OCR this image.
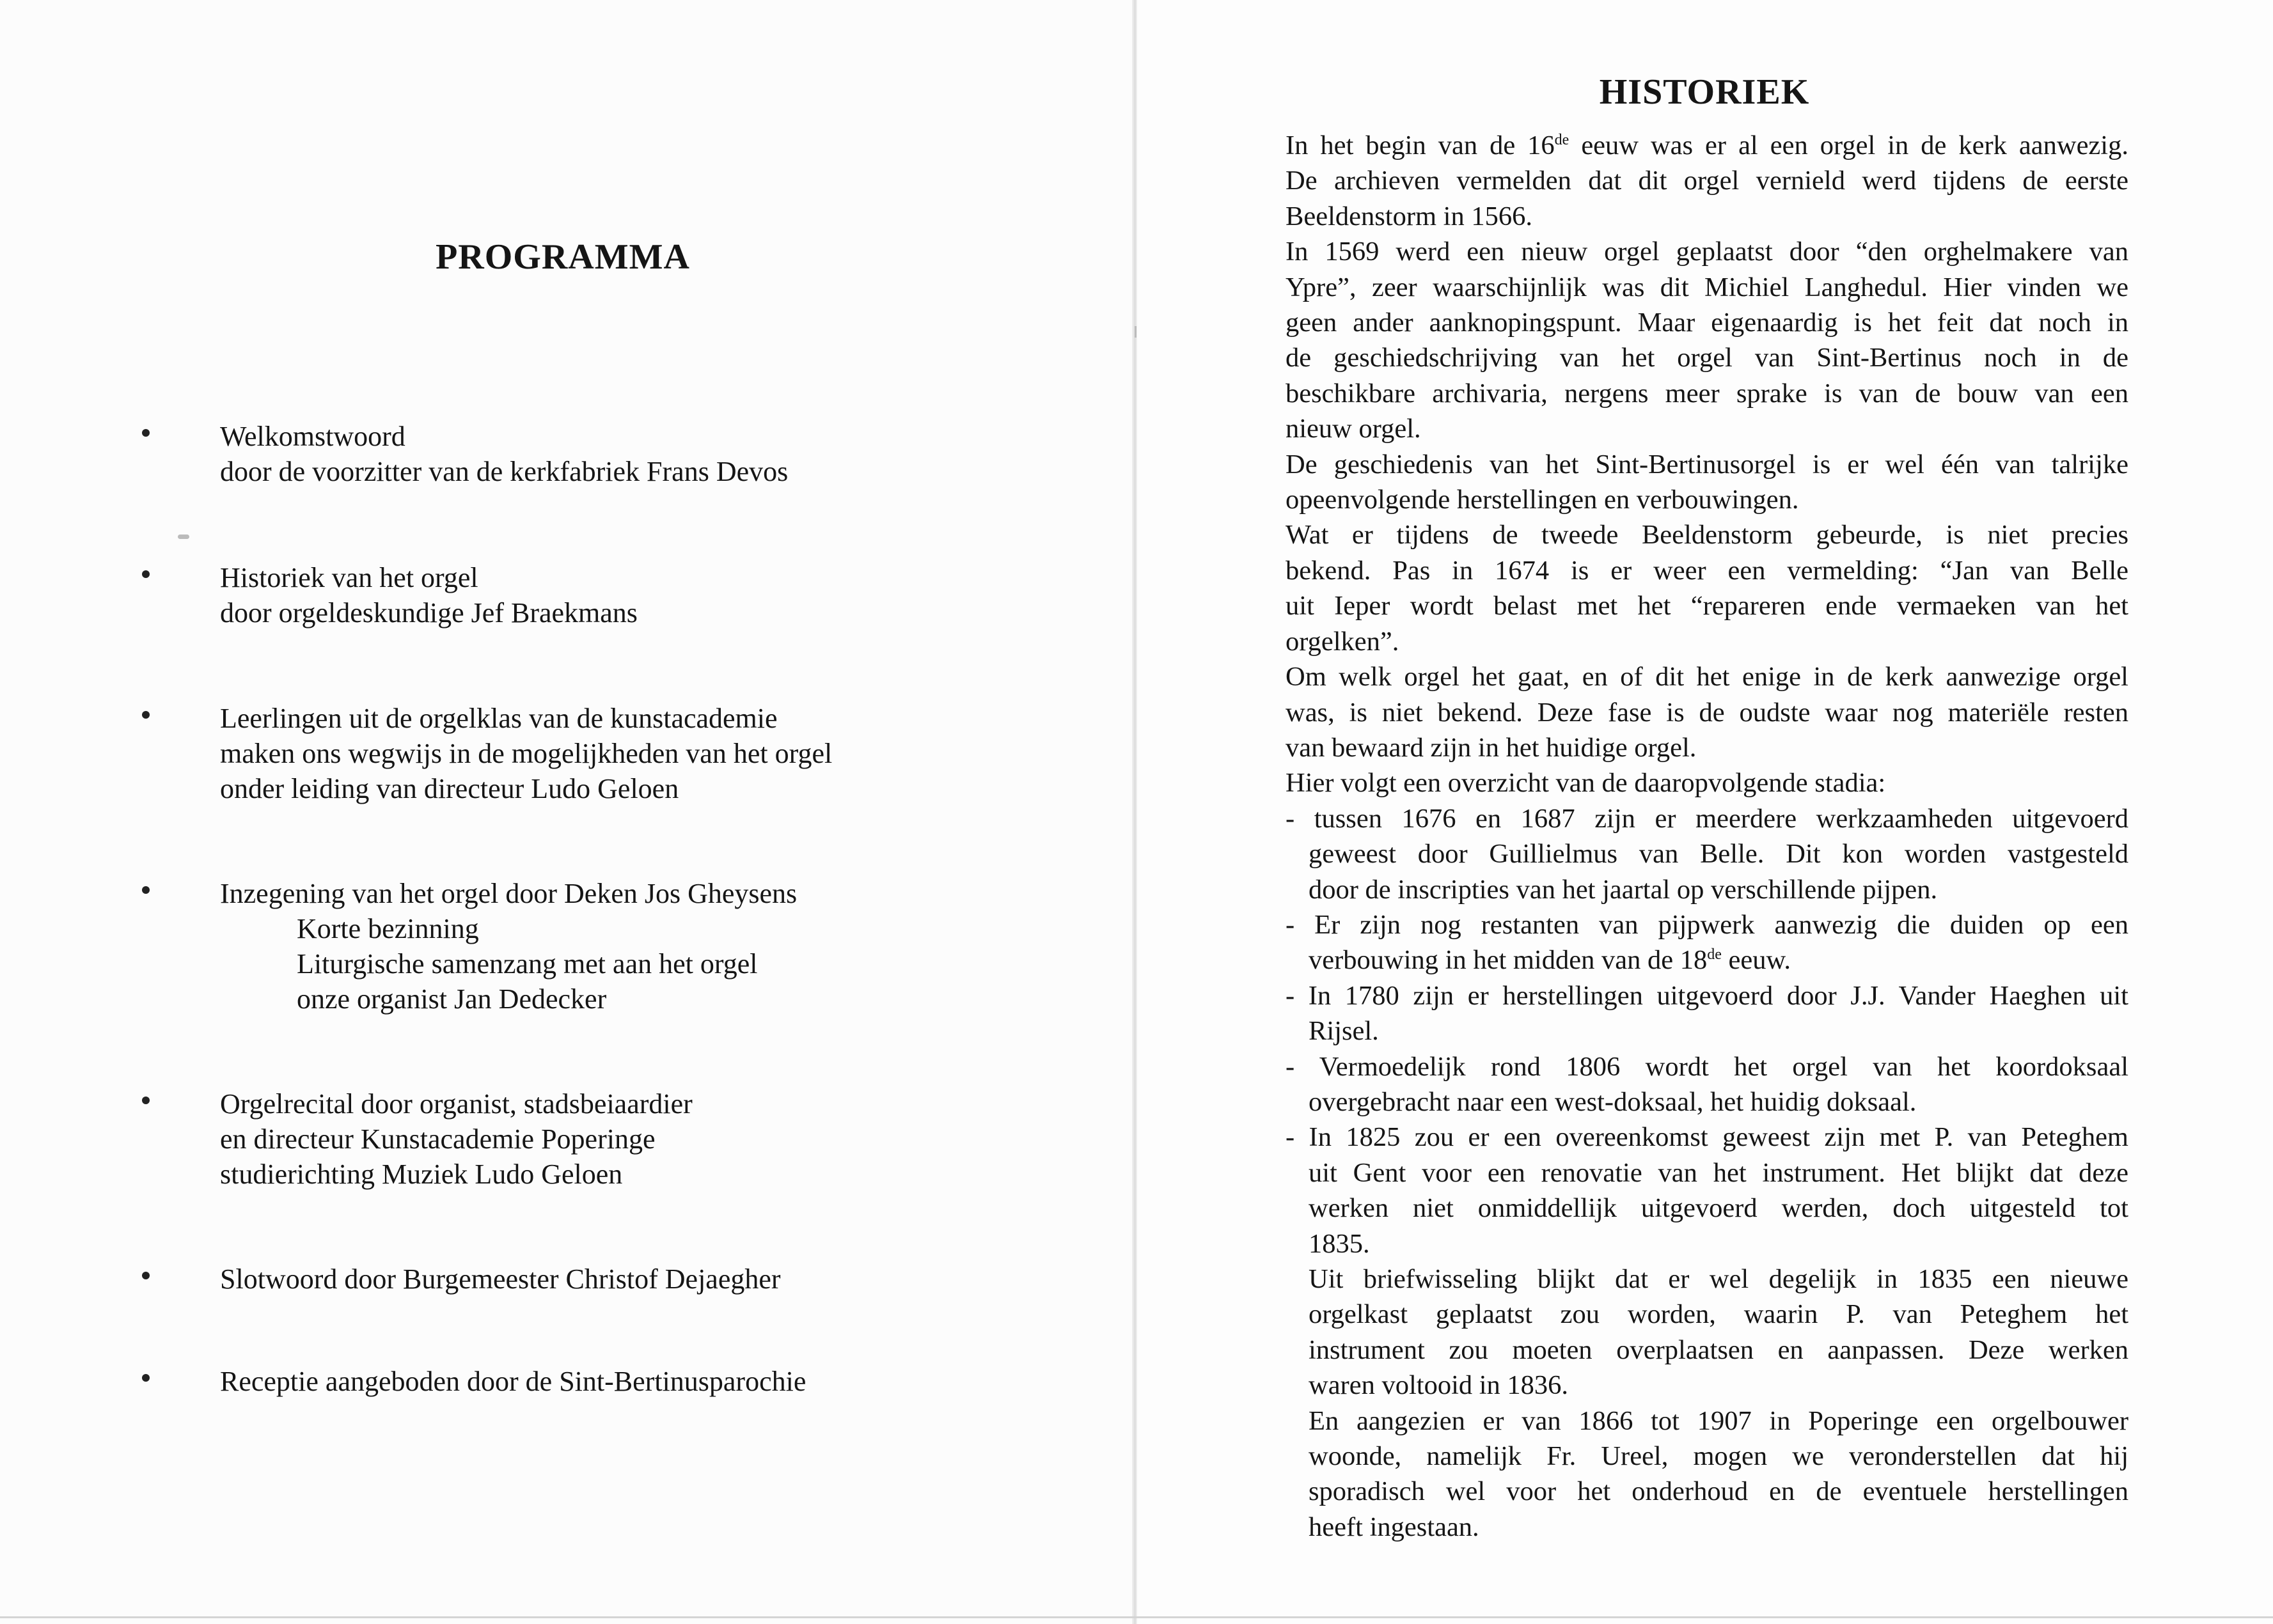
PROGRAMMA
Welkomstwoord
door de voorzitter van de kerkfabriek Frans Devos
Historiek van het orgel
door orgeldeskundige Jef Braekmans
Leerlingen uit de orgelklas van de kunstacademie
maken ons wegwijs in de mogelijkheden van het orgel
onder leiding van directeur Ludo Geloen
Inzegening van het orgel door Deken Jos Gheysens
Korte bezinning
Liturgische samenzang met aan het orgel
onze organist Jan Dedecker
Orgelrecital door organist, stadsbeiaardier
en directeur Kunstacademie Poperinge
studierichting Muziek Ludo Geloen
Slotwoord door Burgemeester Christof Dejaegher
Receptie aangeboden door de Sint-Bertinusparochie
HISTORIEK
In het begin van de 16de eeuw was er al een orgel in de kerk aanwezig.
De archieven vermelden dat dit orgel vernield werd tijdens de eerste
Beeldenstorm in 1566.
In 1569 werd een nieuw orgel geplaatst door “den orghelmakere van
Ypre”, zeer waarschijnlijk was dit Michiel Langhedul. Hier vinden we
geen ander aanknopingspunt. Maar eigenaardig is het feit dat noch in
de geschiedschrijving van het orgel van Sint-Bertinus noch in de
beschikbare archivaria, nergens meer sprake is van de bouw van een
nieuw orgel.
De geschiedenis van het Sint-Bertinusorgel is er wel één van talrijke
opeenvolgende herstellingen en verbouwingen.
Wat er tijdens de tweede Beeldenstorm gebeurde, is niet precies
bekend. Pas in 1674 is er weer een vermelding: “Jan van Belle
uit Ieper wordt belast met het “repareren ende vermaeken van het
orgelken”.
Om welk orgel het gaat, en of dit het enige in de kerk aanwezige orgel
was, is niet bekend. Deze fase is de oudste waar nog materiële resten
van bewaard zijn in het huidige orgel.
Hier volgt een overzicht van de daaropvolgende stadia:
- tussen 1676 en 1687 zijn er meerdere werkzaamheden uitgevoerd
geweest door Guillielmus van Belle. Dit kon worden vastgesteld
door de inscripties van het jaartal op verschillende pijpen.
- Er zijn nog restanten van pijpwerk aanwezig die duiden op een
verbouwing in het midden van de 18de eeuw.
- In 1780 zijn er herstellingen uitgevoerd door J.J. Vander Haeghen uit
Rijsel.
- Vermoedelijk rond 1806 wordt het orgel van het koordoksaal
overgebracht naar een west-doksaal, het huidig doksaal.
- In 1825 zou er een overeenkomst geweest zijn met P. van Peteghem
uit Gent voor een renovatie van het instrument. Het blijkt dat deze
werken niet onmiddellijk uitgevoerd werden, doch uitgesteld tot
1835.
Uit briefwisseling blijkt dat er wel degelijk in 1835 een nieuwe
orgelkast geplaatst zou worden, waarin P. van Peteghem het
instrument zou moeten overplaatsen en aanpassen. Deze werken
waren voltooid in 1836.
En aangezien er van 1866 tot 1907 in Poperinge een orgelbouwer
woonde, namelijk Fr. Ureel, mogen we veronderstellen dat hij
sporadisch wel voor het onderhoud en de eventuele herstellingen
heeft ingestaan.
